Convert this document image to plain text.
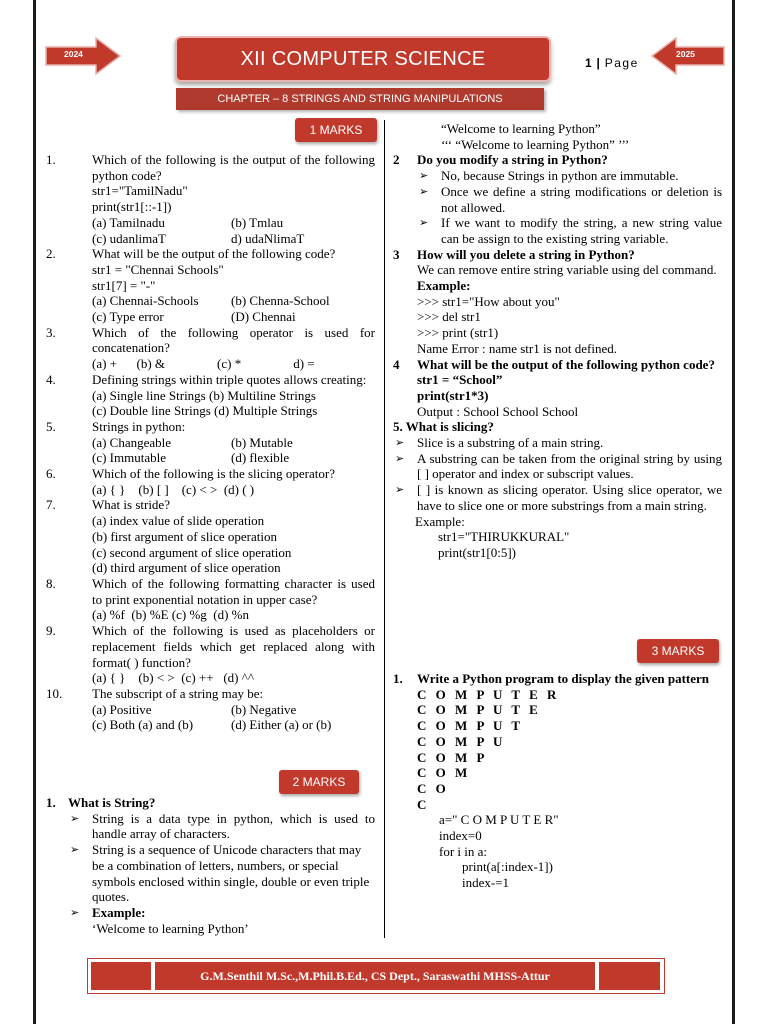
2024	XII COMPUTER SCIENCE	1 | Page
2025
CHAPTER – 8 STRINGS AND STRING MANIPULATIONS
1 MARKS
2 MARKS
3 MARKS
1.	Which of the following is the output of the following python code?
str1="TamilNadu"
print(str1[::-1])
(a) Tamilnadu	(b) Tmlau
(c) udanlimaT	d) udaNlimaT
2.	What will be the output of the following code?
str1 = "Chennai Schools"
str1[7] = "-"
(a) Chennai-Schools	(b) Chenna-School
(c) Type error	(D) Chennai
3.	Which of the following operator is used for concatenation?
(a) +      (b) &                (c) *                d) =
4.	Defining strings within triple quotes allows creating:
(a) Single line Strings (b) Multiline Strings
(c) Double line Strings (d) Multiple Strings
5.	Strings in python:
(a) Changeable	(b) Mutable
(c) Immutable	(d) flexible
6.	Which of the following is the slicing operator?
(a) { }    (b) [ ]    (c) < >  (d) ( )
7.	What is stride?
(a) index value of slide operation
(b) first argument of slice operation
(c) second argument of slice operation
(d) third argument of slice operation
8.	Which of the following formatting character is used to print exponential notation in upper case?
(a) %f  (b) %E (c) %g  (d) %n
9.	Which of the following is used as placeholders or replacement fields which get replaced along with format( ) function?
(a) { }    (b) < >  (c) ++   (d) ^^
10. The subscript of a string may be:
(a) Positive	(b) Negative
(c) Both (a) and (b)	(d) Either (a) or (b)
1. What is String?
➢ String is a data type in python, which is used to handle array of characters.
➢ String is a sequence of Unicode characters that may be a combination of letters, numbers, or special symbols enclosed within single, double or even triple quotes.
➢ Example:
‘Welcome to learning Python’
“Welcome to learning Python”
‘‘‘ “Welcome to learning Python” ’’’
2 Do you modify a string in Python?
➢ No, because Strings in python are immutable.
➢ Once we define a string modifications or deletion is not allowed.
➢ If we want to modify the string, a new string value can be assign to the existing string variable.
3 How will you delete a string in Python?
We can remove entire string variable using del command.
Example:
>>> str1="How about you"
>>> del str1
>>> print (str1)
Name Error : name str1 is not defined.
4 What will be the output of the following python code?
str1 = “School”
print(str1*3)
Output : School School School
5. What is slicing?
➢ Slice is a substring of a main string.
➢ A substring can be taken from the original string by using [ ] operator and index or subscript values.
➢ [ ] is known as slicing operator. Using slice operator, we have to slice one or more substrings from a main string.
Example:
str1="THIRUKKURAL"
print(str1[0:5])
1. Write a Python program to display the given pattern
C O M P U T E R
C O M P U T E
C O M P U T
C O M P U
C O M P
C O M
C O
C
a=" C O M P U T E R"
index=0
for i in a:
print(a[:index-1])
index-=1
G.M.Senthil M.Sc.,M.Phil.B.Ed., CS Dept., Saraswathi MHSS-Attur
